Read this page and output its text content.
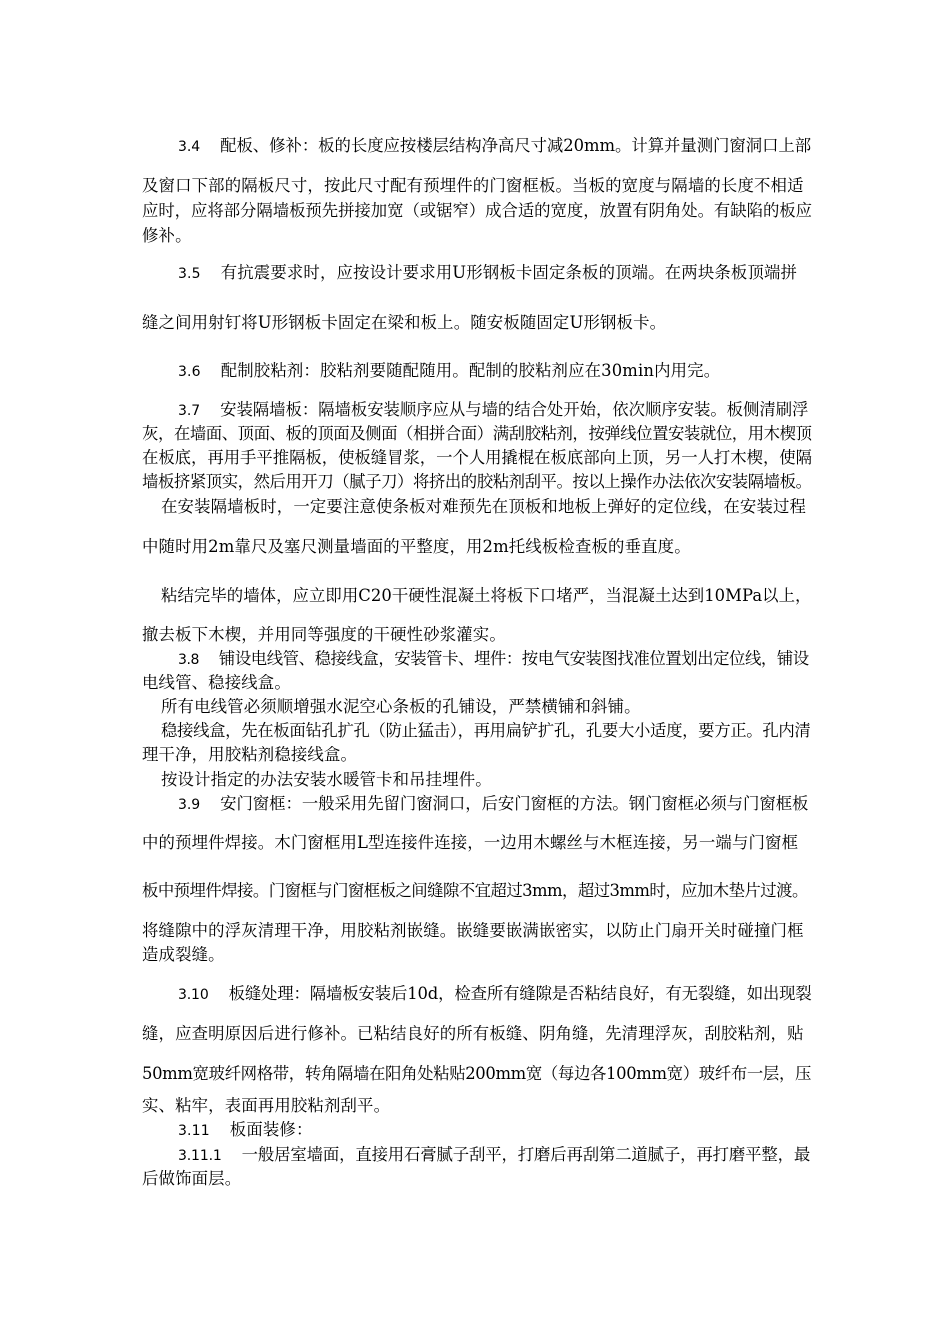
3.4 配板、修补：板的长度应按楼层结构净高尺寸减20mm。计算并量测门窗洞口上部
及窗口下部的隔板尺寸，按此尺寸配有预埋件的门窗框板。当板的宽度与隔墙的长度不相适
应时，应将部分隔墙板预先拼接加宽（或锯窄）成合适的宽度，放置有阴角处。有缺陷的板应
修补。
3.5 有抗震要求时，应按设计要求用U形钢板卡固定条板的顶端。在两块条板顶端拼
缝之间用射钉将U形钢板卡固定在梁和板上。随安板随固定U形钢板卡。
3.6 配制胶粘剂：胶粘剂要随配随用。配制的胶粘剂应在30min内用完。
3.7 安装隔墙板：隔墙板安装顺序应从与墙的结合处开始，依次顺序安装。板侧清刷浮
灰，在墙面、顶面、板的顶面及侧面（相拼合面）满刮胶粘剂，按弹线位置安装就位，用木楔顶
在板底，再用手平推隔板，使板缝冒浆，一个人用撬棍在板底部向上顶，另一人打木楔，使隔
墙板挤紧顶实，然后用开刀（腻子刀）将挤出的胶粘剂刮平。按以上操作办法依次安装隔墙板。
在安装隔墙板时，一定要注意使条板对难预先在顶板和地板上弹好的定位线，在安装过程
中随时用2m靠尺及塞尺测量墙面的平整度，用2m托线板检查板的垂直度。
粘结完毕的墙体，应立即用C20干硬性混凝土将板下口堵严，当混凝土达到10MPa以上，
撤去板下木楔，并用同等强度的干硬性砂浆灌实。
3.8 铺设电线管、稳接线盒，安装管卡、埋件：按电气安装图找准位置划出定位线，铺设
电线管、稳接线盒。
所有电线管必须顺增强水泥空心条板的孔铺设，严禁横铺和斜铺。
稳接线盒，先在板面钻孔扩孔（防止猛击），再用扁铲扩孔，孔要大小适度，要方正。孔内清
理干净，用胶粘剂稳接线盒。
按设计指定的办法安装水暖管卡和吊挂埋件。
3.9 安门窗框：一般采用先留门窗洞口，后安门窗框的方法。钢门窗框必须与门窗框板
中的预埋件焊接。木门窗框用L型连接件连接，一边用木螺丝与木框连接，另一端与门窗框
板中预埋件焊接。门窗框与门窗框板之间缝隙不宜超过3mm，超过3mm时，应加木垫片过渡。
将缝隙中的浮灰清理干净，用胶粘剂嵌缝。嵌缝要嵌满嵌密实，以防止门扇开关时碰撞门框
造成裂缝。
3.10 板缝处理：隔墙板安装后10d，检查所有缝隙是否粘结良好，有无裂缝，如出现裂
缝，应查明原因后进行修补。已粘结良好的所有板缝、阴角缝，先清理浮灰，刮胶粘剂，贴
50mm宽玻纤网格带，转角隔墙在阳角处粘贴200mm宽（每边各100mm宽）玻纤布一层，压
实、粘牢，表面再用胶粘剂刮平。
3.11 板面装修：
3.11.1 一般居室墙面，直接用石膏腻子刮平，打磨后再刮第二道腻子，再打磨平整，最
后做饰面层。
